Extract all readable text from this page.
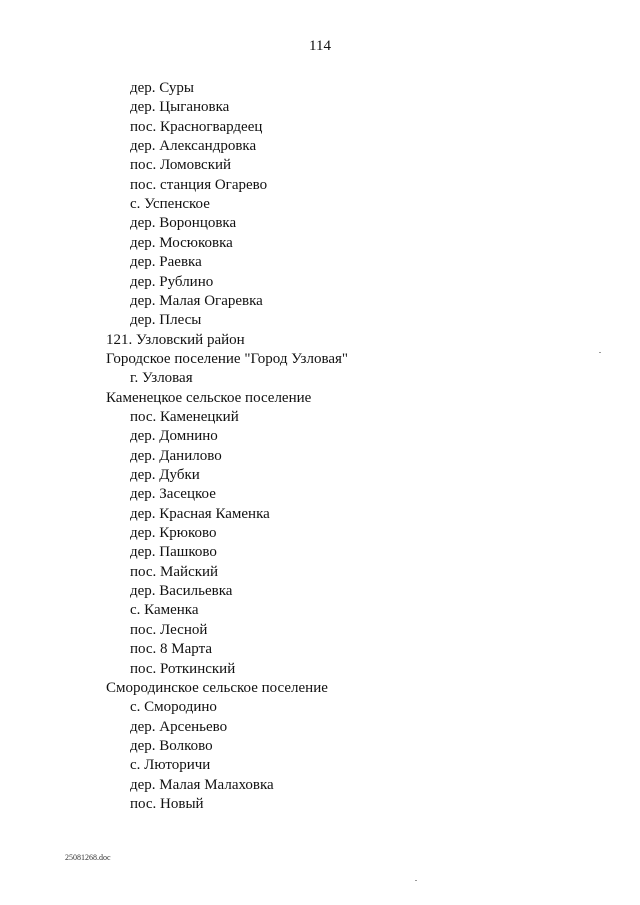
114
дер. Суры
дер. Цыгановка
пос. Красногвардеец
дер. Александровка
пос. Ломовский
пос. станция Огарево
с. Успенское
дер. Воронцовка
дер. Мосюковка
дер. Раевка
дер. Рублино
дер. Малая Огаревка
дер. Плесы
121. Узловский район
Городское поселение "Город Узловая"
г. Узловая
Каменецкое сельское поселение
пос. Каменецкий
дер. Домнино
дер. Данилово
дер. Дубки
дер. Засецкое
дер. Красная Каменка
дер. Крюково
дер. Пашково
пос. Майский
дер. Васильевка
с. Каменка
пос. Лесной
пос. 8 Марта
пос. Роткинский
Смородинское сельское поселение
с. Смородино
дер. Арсеньево
дер. Волково
с. Люторичи
дер. Малая Малаховка
пос. Новый
25081268.doc
